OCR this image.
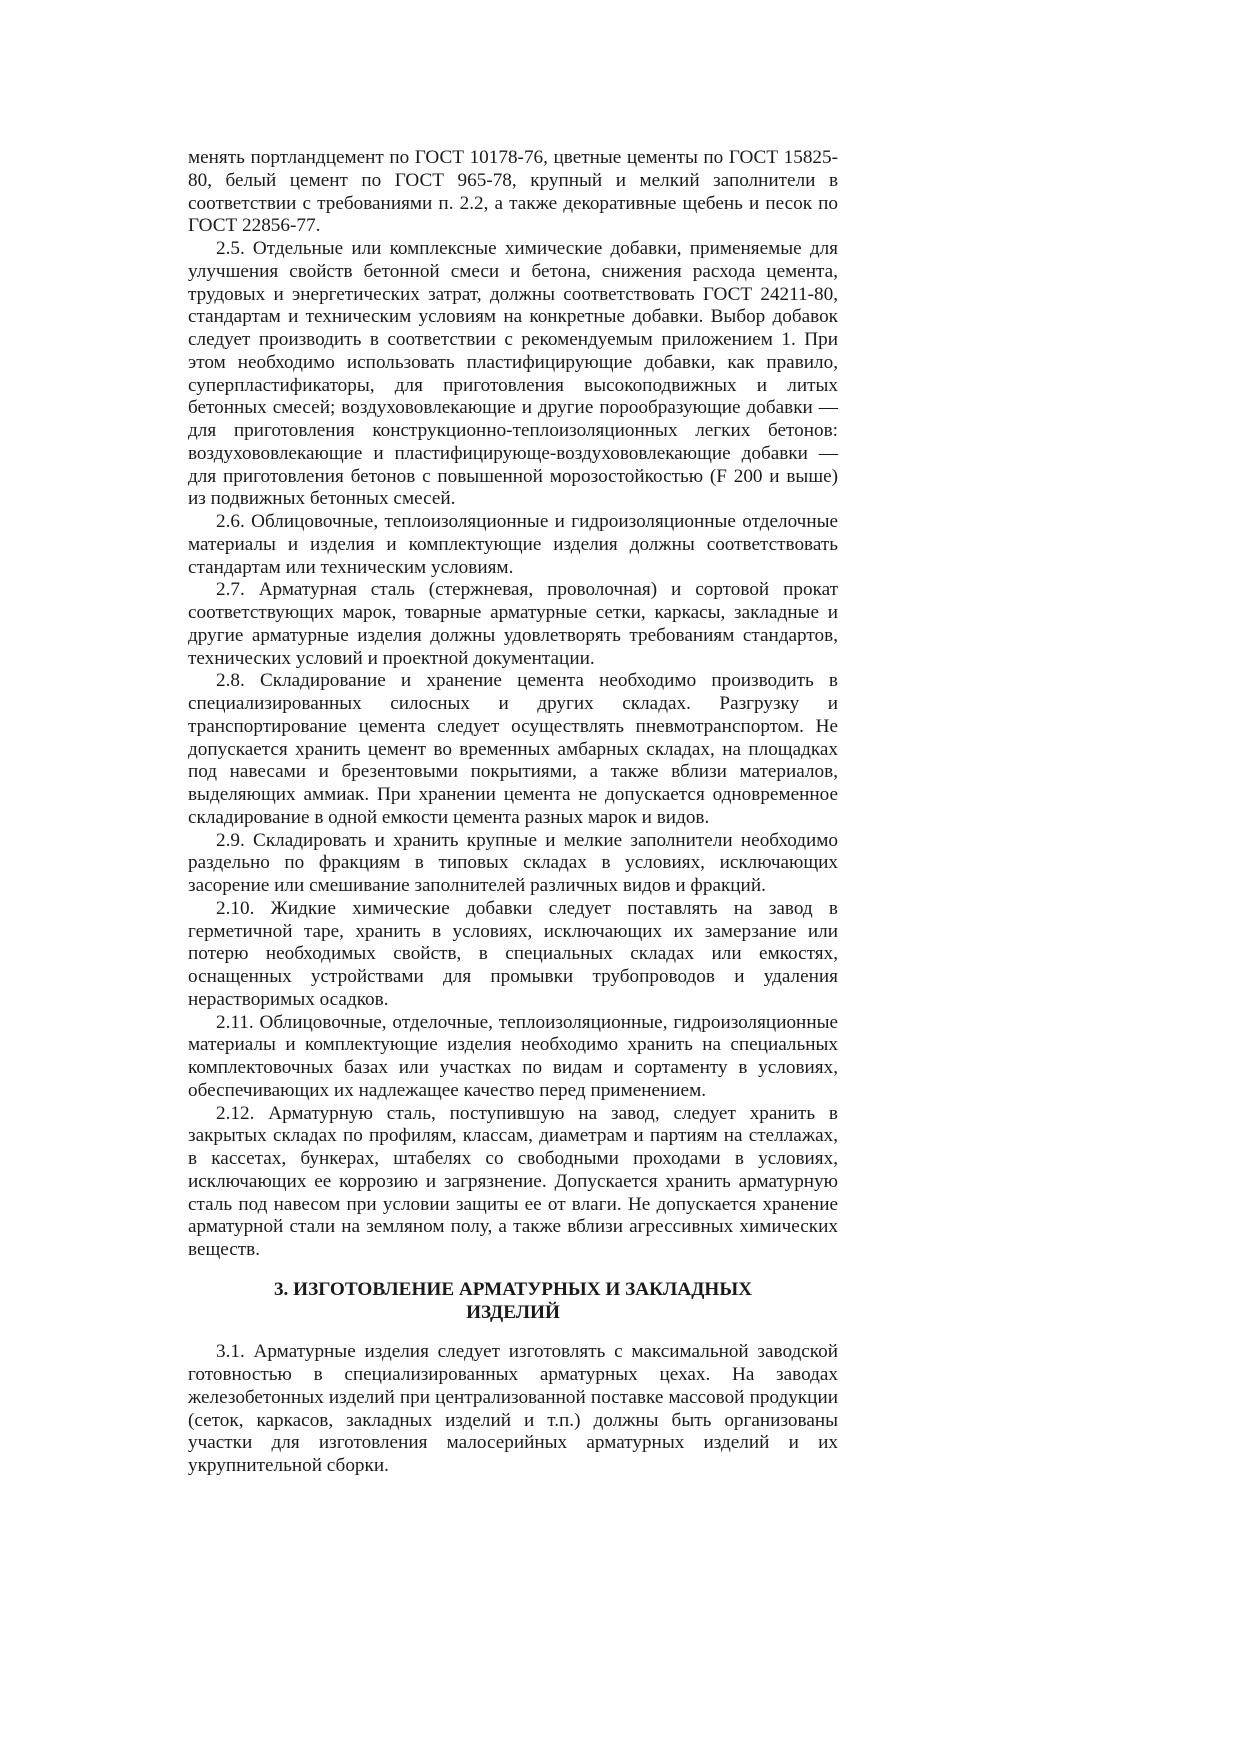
менять портландцемент по ГОСТ 10178-76, цветные цементы по ГОСТ 15825-80, белый цемент по ГОСТ 965-78, крупный и мелкий заполнители в соответствии с требованиями п. 2.2, а также декоративные щебень и песок по ГОСТ 22856-77.

2.5. Отдельные или комплексные химические добавки, применяемые для улучшения свойств бетонной смеси и бетона, снижения расхода цемента, трудовых и энергетических затрат, должны соответствовать ГОСТ 24211-80, стандартам и техническим условиям на конкретные добавки. Выбор добавок следует производить в соответствии с рекомендуемым приложением 1. При этом необходимо использовать пластифицирующие добавки, как правило, суперпластификаторы, для приготовления высокоподвижных и литых бетонных смесей; воздухововлекающие и другие порообразующие добавки — для приготовления конструкционно-теплоизоляционных легких бетонов: воздухововлекающие и пластифицирующе-воздухововлекающие добавки — для приготовления бетонов с повышенной морозостойкостью (F 200 и выше) из подвижных бетонных смесей.

2.6. Облицовочные, теплоизоляционные и гидроизоляционные отделочные материалы и изделия и комплектующие изделия должны соответствовать стандартам или техническим условиям.

2.7. Арматурная сталь (стержневая, проволочная) и сортовой прокат соответствующих марок, товарные арматурные сетки, каркасы, закладные и другие арматурные изделия должны удовлетворять требованиям стандартов, технических условий и проектной документации.

2.8. Складирование и хранение цемента необходимо производить в специализированных силосных и других складах. Разгрузку и транспортирование цемента следует осуществлять пневмотранспортом. Не допускается хранить цемент во временных амбарных складах, на площадках под навесами и брезентовыми покрытиями, а также вблизи материалов, выделяющих аммиак. При хранении цемента не допускается одновременное складирование в одной емкости цемента разных марок и видов.

2.9. Складировать и хранить крупные и мелкие заполнители необходимо раздельно по фракциям в типовых складах в условиях, исключающих засорение или смешивание заполнителей различных видов и фракций.

2.10. Жидкие химические добавки следует поставлять на завод в герметичной таре, хранить в условиях, исключающих их замерзание или потерю необходимых свойств, в специальных складах или емкостях, оснащенных устройствами для промывки трубопроводов и удаления нерастворимых осадков.

2.11. Облицовочные, отделочные, теплоизоляционные, гидроизоляционные материалы и комплектующие изделия необходимо хранить на специальных комплектовочных базах или участках по видам и сортаменту в условиях, обеспечивающих их надлежащее качество перед применением.

2.12. Арматурную сталь, поступившую на завод, следует хранить в закрытых складах по профилям, классам, диаметрам и партиям на стеллажах, в кассетах, бункерах, штабелях со свободными проходами в условиях, исключающих ее коррозию и загрязнение. Допускается хранить арматурную сталь под навесом при условии защиты ее от влаги. Не допускается хранение арматурной стали на земляном полу, а также вблизи агрессивных химических веществ.

3. ИЗГОТОВЛЕНИЕ АРМАТУРНЫХ И ЗАКЛАДНЫХ

ИЗДЕЛИЙ

3.1. Арматурные изделия следует изготовлять с максимальной заводской готовностью в специализированных арматурных цехах. На заводах железобетонных изделий при централизованной поставке массовой продукции (сеток, каркасов, закладных изделий и т.п.) должны быть организованы участки для изготовления малосерийных арматурных изделий и их укрупнительной сборки.
